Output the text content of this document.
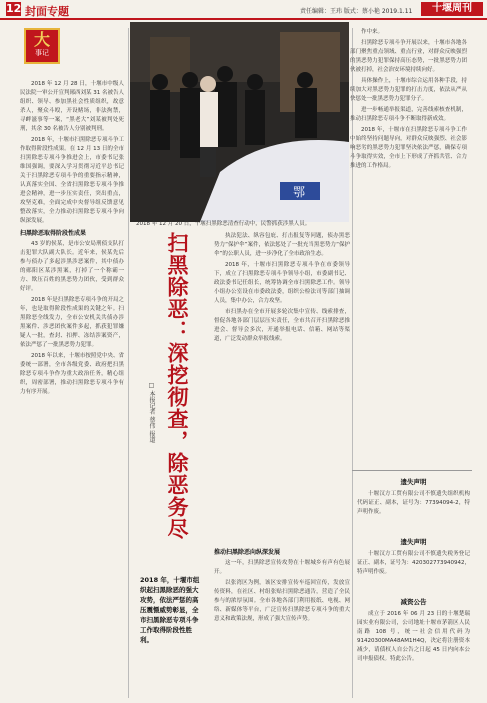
12 封面专题	责任编辑：王玮 版式：蔡小艳 2019.1.11	十堰周刊
大
事记
鄂
2018 年 12 月 20 日，十堰扫黑除恶清查行动中，民警抓获涉黑人员。

2018 年 12 月 28 日，十堰市中级人民法院一审公开宣判郧西刘某 31 名被告人组织、领导、参加黑社会性质组织，故意杀人，聚众斗殴，开设赌场，非法拘禁，寻衅滋事等一案，“黑老大”刘某被判处死刑，其余 30 名被告人分别被判刑。

2018 年，十堰市扫黑除恶专项斗争工作取得阶段性成果。在 12 月 13 日的全市扫黑除恶专项斗争推进会上，市委书记张维国强调，要深入学习贯彻习近平总书记关于扫黑除恶专项斗争的重要指示精神，认真落实全国、全省扫黑除恶专项斗争推进会精神，进一步压实责任，突出重点，攻坚克难，全面完成中央督导组反馈意见整改落实，全力推动扫黑除恶专项斗争向纵深发展。

扫黑除恶取得阶段性成果

43 岁的侯某，是市公安局刑侦支队打击犯罪大队副大队长。近年来，侯某先后参与侦办了多起涉黑涉恶案件，其中侦办的郧阳区某涉黑案，打掉了一个称霸一方、欺压百姓的黑恶势力团伙，受到群众好评。

2018 年是扫黑除恶专项斗争的开局之年，也是取得阶段性成果的关键之年。扫黑除恶全线发力，全市公安机关共侦办涉黑案件、涉恶团伙案件多起，抓获犯罪嫌疑人一批，查封、扣押、冻结涉案资产，依法严惩了一批黑恶势力犯罪。

2018 年以来，十堰市按照党中央、省委统一部署，全市各级党委、政府把扫黑除恶专项斗争作为重大政治任务，精心组织，周密部署，推动扫黑除恶专项斗争有力有序开展。	扫黑除恶：深挖彻查，除恶务尽
□ 本报记者 蔡伟 报道
2018 年，十堰市组织起扫黑除恶的强大攻势，依法严惩的高压震慑威势彰显，全市扫黑除恶专项斗争工作取得阶段性胜利。

执法犯法、纵容包庇、打击报复等问题，侦办黑恶势力“保护伞”案件，依法惩处了一批充当黑恶势力“保护伞”的公职人员，进一步净化了全市政治生态。

2018 年，十堰市扫黑除恶专项斗争在市委领导下，成立了扫黑除恶专项斗争领导小组，市委副书记、政法委书记任组长，统筹协调全市扫黑除恶工作。领导小组办公室设在市委政法委，组织公检法司等部门抽调人员，集中办公，合力攻坚。

市扫黑办在全市开展多轮次集中宣传、线索排查，督促各地各部门层层压实责任，全市共召开扫黑除恶推进会、督导会多次，开通举报电话、信箱、网站等渠道，广泛发动群众举报线索。

推动扫黑除恶向纵深发展

这一年，扫黑除恶宣传攻势在十堰城乡有声有色展开。

以张湾区为例，该区安排宣传车巡回宣传，发放宣传资料，在社区、村组张贴扫黑除恶通告，营造了全民参与的浓厚氛围。全市各地各部门利用报纸、电视、网络、新媒体等平台，广泛宣传扫黑除恶专项斗争的重大意义和政策法规，形成了强大宣传声势。

作中来。

扫黑除恶专项斗争开展以来，十堰市各地各部门聚焦重点领域、重点行业，对群众反映强烈的黑恶势力犯罪保持高压态势，一批黑恶势力团伙被打掉，社会治安环境持续向好。

具体操作上，十堰市综合运用各种手段，持续加大对黑恶势力犯罪的打击力度，依法从严从快惩处一批黑恶势力犯罪分子。

进一步畅通举报渠道，完善线索核查机制，推动扫黑除恶专项斗争不断取得新成效。

2018 年，十堰市在扫黑除恶专项斗争工作中始终坚持问题导向，对群众反映强烈、社会影响恶劣的黑恶势力犯罪坚决依法严惩，确保专项斗争取得实效，全市上下形成了齐抓共管、合力推进的工作格局。

遗失声明

十堰汉方工贸有限公司不慎遗失组织机构代码证正、副本，证号为：77394094-2，特声明作废。

遗失声明

十堰汉方工贸有限公司不慎遗失税务登记证正、副本，证号为：420302773940942，特声明作废。

减资公告

成立于 2016 年 06 月 23 日的十堰楚瑞园实业有限公司，公司地址十堰市茅箭区人民南路 108 号，统一社会信用代码为 91420300MA48AM1H4Q，决定将注册资本减少，请债权人自公告之日起 45 日内向本公司申报债权。特此公告。
